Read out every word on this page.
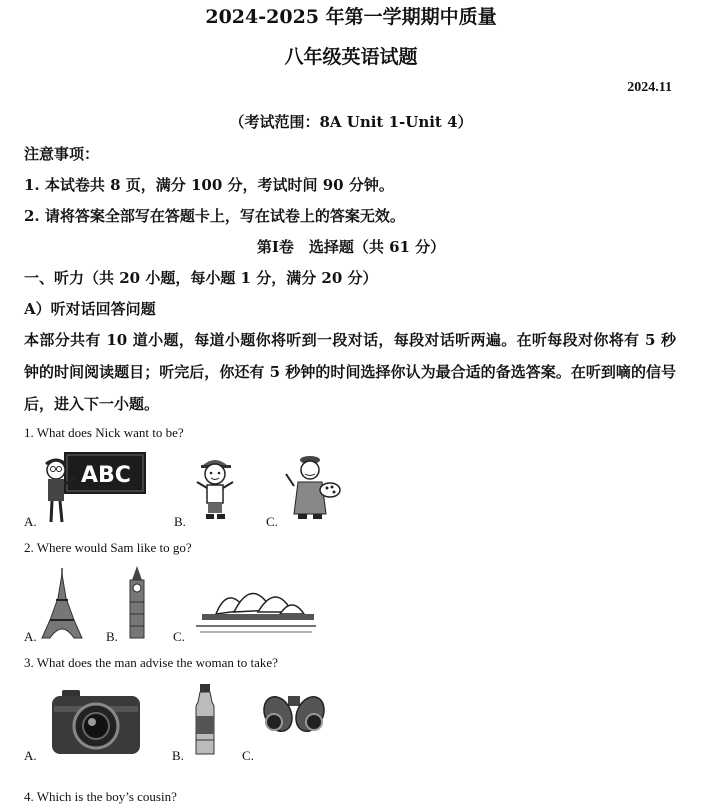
2024-2025 年第一学期期中质量
八年级英语试题
2024.11
（考试范围：8A Unit 1-Unit 4）
注意事项：
1. 本试卷共 8 页，满分 100 分，考试时间 90 分钟。
2. 请将答案全部写在答题卡上，写在试卷上的答案无效。
第Ⅰ卷　选择题（共 61 分）
一、听力（共 20 小题，每小题 1 分，满分 20 分）
A）听对话回答问题
本部分共有 10 道小题，每道小题你将听到一段对话，每段对话听两遍。在听每段对你将有 5 秒钟的时间阅读题目；听完后，你还有 5 秒钟的时间选择你认为最合适的备选答案。在听到嘀的信号后，进入下一小题。
1. What does Nick want to be?
ABC
A.	B.	C.
2. Where would Sam like to go?
A.	B.	C.
3. What does the man advise the woman to take?
A.	B.	C.
4. Which is the boy’s cousin?
